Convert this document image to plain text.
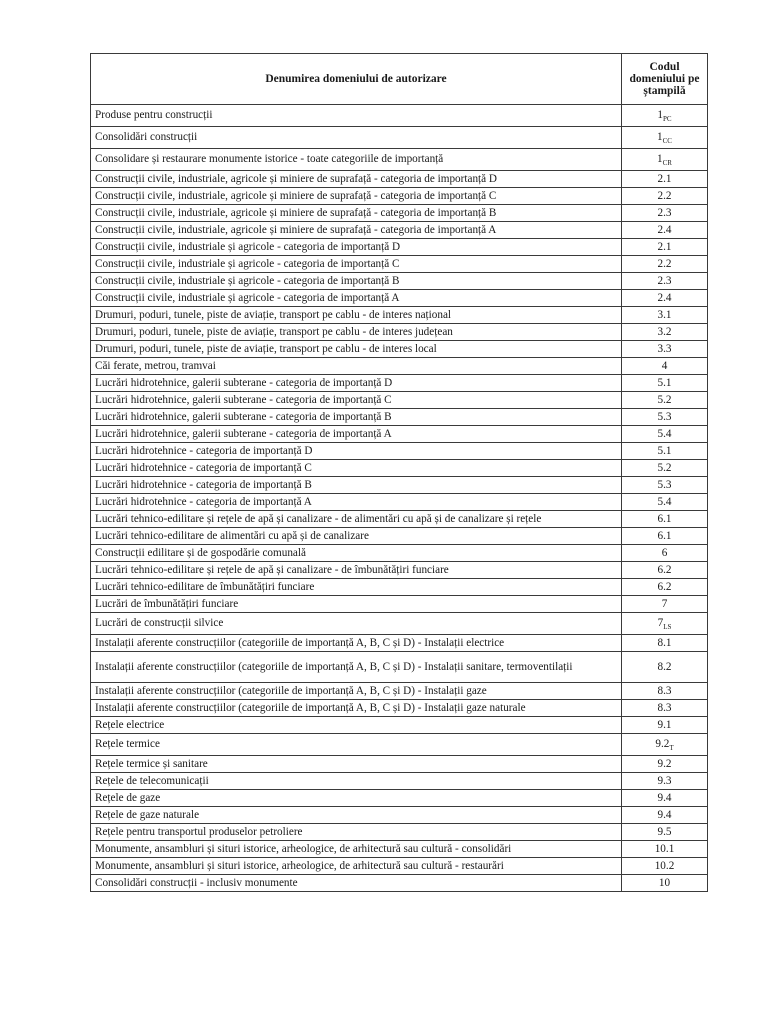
Denumirea domeniului de autorizare	Codul domeniului pe ștampilă
Produse pentru construcții	$1_{PC}$
Consolidări construcții	$1_{CC}$
Consolidare și restaurare monumente istorice - toate categoriile de importanță	$1_{CR}$
Construcții civile, industriale, agricole și miniere de suprafață - categoria de importanță D	2.1
Construcții civile, industriale, agricole și miniere de suprafață - categoria de importanță C	2.2
Construcții civile, industriale, agricole și miniere de suprafață - categoria de importanță B	2.3
Construcții civile, industriale, agricole și miniere de suprafață - categoria de importanță A	2.4
Construcții civile, industriale și agricole - categoria de importanță D	2.1
Construcții civile, industriale și agricole - categoria de importanță C	2.2
Construcții civile, industriale și agricole - categoria de importanță B	2.3
Construcții civile, industriale și agricole - categoria de importanță A	2.4
Drumuri, poduri, tunele, piste de aviație, transport pe cablu - de interes național	3.1
Drumuri, poduri, tunele, piste de aviație, transport pe cablu - de interes județean	3.2
Drumuri, poduri, tunele, piste de aviație, transport pe cablu - de interes local	3.3
Căi ferate, metrou, tramvai	4
Lucrări hidrotehnice, galerii subterane - categoria de importanță D	5.1
Lucrări hidrotehnice, galerii subterane - categoria de importanță C	5.2
Lucrări hidrotehnice, galerii subterane - categoria de importanță B	5.3
Lucrări hidrotehnice, galerii subterane - categoria de importanță A	5.4
Lucrări hidrotehnice - categoria de importanță D	5.1
Lucrări hidrotehnice - categoria de importanță C	5.2
Lucrări hidrotehnice - categoria de importanță B	5.3
Lucrări hidrotehnice - categoria de importanță A	5.4
Lucrări tehnico-edilitare și rețele de apă și canalizare - de alimentări cu apă și de canalizare și rețele	6.1
Lucrări tehnico-edilitare de alimentări cu apă și de canalizare	6.1
Construcții edilitare și de gospodărie comunală	6
Lucrări tehnico-edilitare și rețele de apă și canalizare - de îmbunătățiri funciare	6.2
Lucrări tehnico-edilitare de îmbunătățiri funciare	6.2
Lucrări de îmbunătățiri funciare	7
Lucrări de construcții silvice	$7_{LS}$
Instalații aferente construcțiilor (categoriile de importanță A, B, C și D) - Instalații electrice	8.1
Instalații aferente construcțiilor (categoriile de importanță A, B, C și D) - Instalații sanitare, termoventilații	8.2
Instalații aferente construcțiilor (categoriile de importanță A, B, C și D) - Instalații gaze	8.3
Instalații aferente construcțiilor (categoriile de importanță A, B, C și D) - Instalații gaze naturale	8.3
Rețele electrice	9.1
Rețele termice	$9.2_T$
Rețele termice și sanitare	9.2
Rețele de telecomunicații	9.3
Rețele de gaze	9.4
Rețele de gaze naturale	9.4
Rețele pentru transportul produselor petroliere	9.5
Monumente, ansambluri și situri istorice, arheologice, de arhitectură sau cultură - consolidări	10.1
Monumente, ansambluri și situri istorice, arheologice, de arhitectură sau cultură - restaurări	10.2
Consolidări construcții - inclusiv monumente	10
